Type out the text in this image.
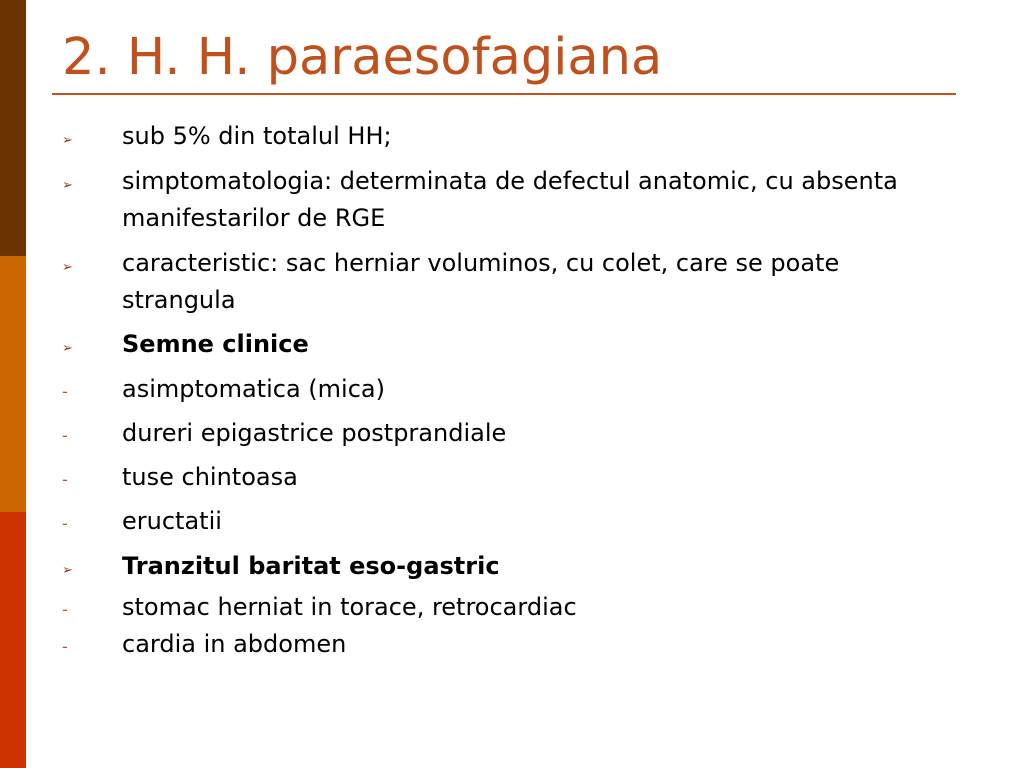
2. H. H. paraesofagiana
➢ sub 5% din totalul HH;
➢ simptomatologia: determinata de defectul anatomic, cu absenta manifestarilor de RGE
➢ caracteristic: sac herniar voluminos, cu colet, care se poate strangula
➢ Semne clinice
- asimptomatica (mica)
- dureri epigastrice postprandiale
- tuse chintoasa
- eructatii
➢ Tranzitul baritat eso-gastric
- stomac herniat in torace, retrocardiac
- cardia in abdomen
